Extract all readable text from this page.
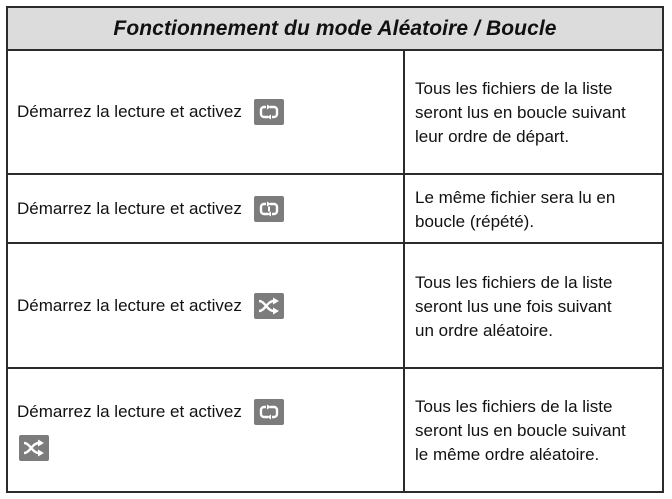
Fonctionnement du mode Aléatoire / Boucle
Démarrez la lecture et activez
Tous les fichiers de la liste seront lus en boucle suivant leur ordre de départ.
Démarrez la lecture et activez
Le même fichier sera lu en boucle (répété).
Démarrez la lecture et activez
Tous les fichiers de la liste seront lus une fois suivant un ordre aléatoire.
Démarrez la lecture et activez	Tous les fichiers de la liste seront lus en boucle suivant le même ordre aléatoire.
